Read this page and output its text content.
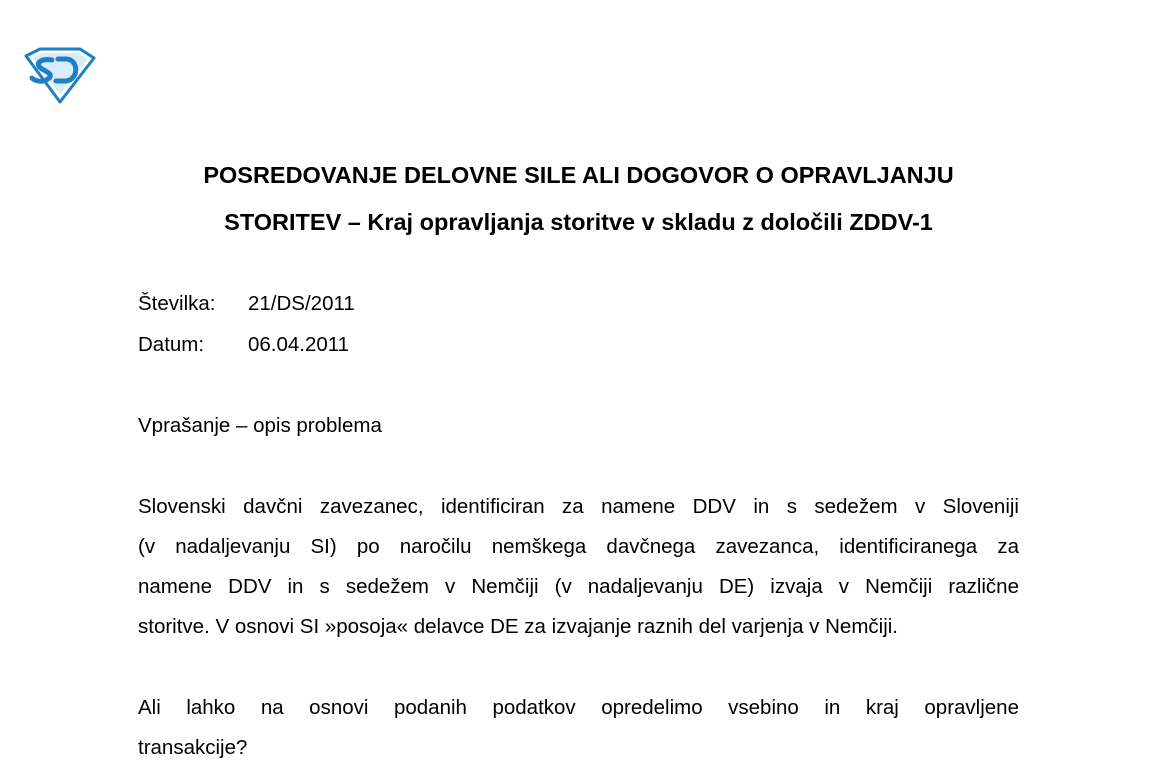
POSREDOVANJE DELOVNE SILE ALI DOGOVOR O OPRAVLJANJU
STORITEV – Kraj opravljanja storitve v skladu z določili ZDDV-1
Številka: 21/DS/2011
Datum: 06.04.2011
Vprašanje – opis problema
Slovenski davčni zavezanec, identificiran za namene DDV in s sedežem v Sloveniji
(v nadaljevanju SI) po naročilu nemškega davčnega zavezanca, identificiranega za
namene DDV in s sedežem v Nemčiji (v nadaljevanju DE) izvaja v Nemčiji različne
storitve. V osnovi SI »posoja« delavce DE za izvajanje raznih del varjenja v Nemčiji.
Ali lahko na osnovi podanih podatkov opredelimo vsebino in kraj opravljene
transakcije?
